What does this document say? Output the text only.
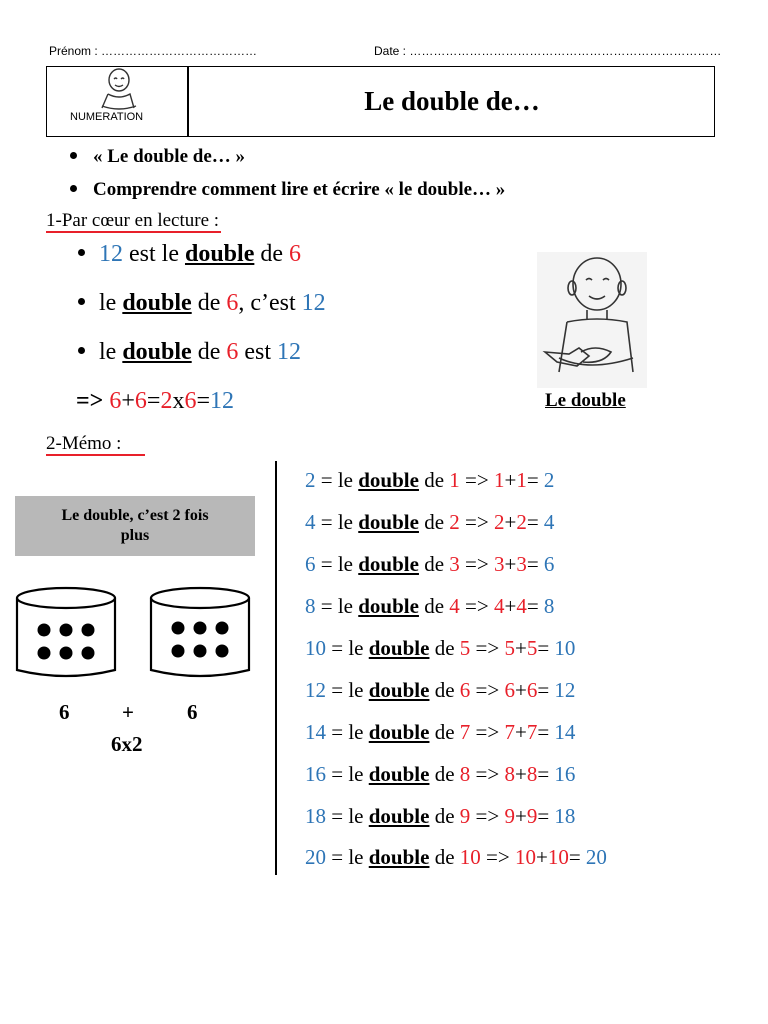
Prénom : …………………………………	Date : ……………………………………………………………………
NUMERATION
Le double de…
« Le double de… »
Comprendre comment lire et écrire « le double… »
1-Par cœur en lecture :
12 est le double de 6
le double de 6, c’est 12
le double de 6 est 12
=> 6+6=2x6=12	Le double
2-Mémo :
Le double, c’est 2 fois
plus
6	+	6
6x2
2 = le double de 1 => 1 + 1 = 2
4 = le double de 2 => 2 + 2 = 4
6 = le double de 3 => 3 + 3 = 6
8 = le double de 4 => 4 + 4 = 8
10 = le double de 5 => 5 + 5 = 10
12 = le double de 6 => 6 + 6 = 12
14 = le double de 7 => 7 + 7 = 14
16 = le double de 8 => 8 + 8 = 16
18 = le double de 9 => 9 + 9 = 18
20 = le double de 10 => 10 + 10 = 20
